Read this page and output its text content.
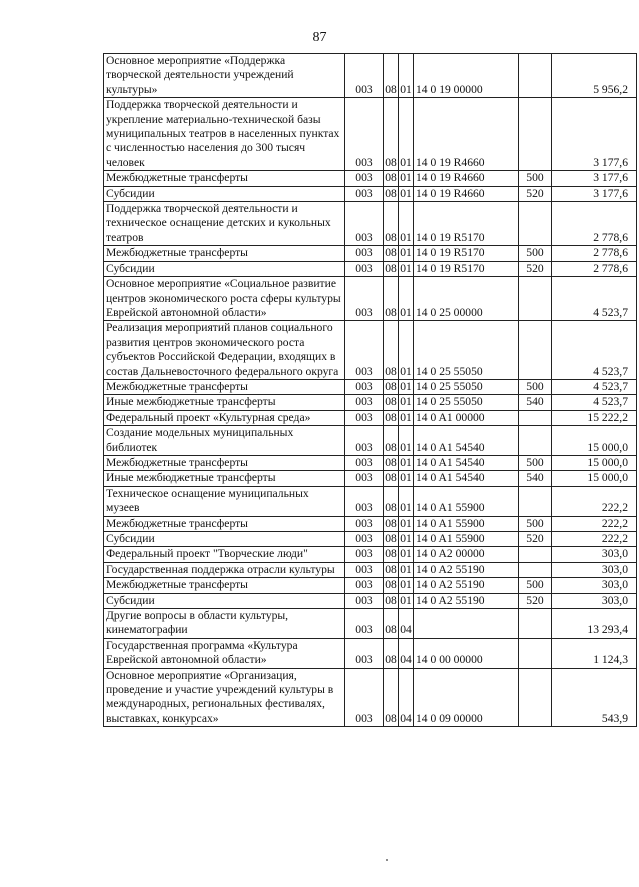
87
Основное мероприятие «Поддержка творческой деятельности учреждений культуры»	003	08	01	14 0 19 00000		5 956,2
Поддержка творческой деятельности и укрепление материально-технической базы муниципальных театров в населенных пунктах с численностью населения до 300 тысяч человек	003	08	01	14 0 19 R4660		3 177,6
Межбюджетные трансферты	003	08	01	14 0 19 R4660	500	3 177,6
Субсидии	003	08	01	14 0 19 R4660	520	3 177,6
Поддержка творческой деятельности и техническое оснащение детских и кукольных театров	003	08	01	14 0 19 R5170		2 778,6
Межбюджетные трансферты	003	08	01	14 0 19 R5170	500	2 778,6
Субсидии	003	08	01	14 0 19 R5170	520	2 778,6
Основное мероприятие «Социальное развитие центров экономического роста сферы культуры Еврейской автономной области»	003	08	01	14 0 25 00000		4 523,7
Реализация мероприятий планов социального развития центров экономического роста субъектов Российской Федерации, входящих в состав Дальневосточного федерального округа	003	08	01	14 0 25 55050		4 523,7
Межбюджетные трансферты	003	08	01	14 0 25 55050	500	4 523,7
Иные межбюджетные трансферты	003	08	01	14 0 25 55050	540	4 523,7
Федеральный проект «Культурная среда»	003	08	01	14 0 A1 00000		15 222,2
Создание модельных муниципальных библиотек	003	08	01	14 0 A1 54540		15 000,0
Межбюджетные трансферты	003	08	01	14 0 A1 54540	500	15 000,0
Иные межбюджетные трансферты	003	08	01	14 0 A1 54540	540	15 000,0
Техническое оснащение муниципальных музеев	003	08	01	14 0 A1 55900		222,2
Межбюджетные трансферты	003	08	01	14 0 A1 55900	500	222,2
Субсидии	003	08	01	14 0 A1 55900	520	222,2
Федеральный проект "Творческие люди"	003	08	01	14 0 A2 00000		303,0
Государственная поддержка отрасли культуры	003	08	01	14 0 A2 55190		303,0
Межбюджетные трансферты	003	08	01	14 0 A2 55190	500	303,0
Субсидии	003	08	01	14 0 A2 55190	520	303,0
Другие вопросы в области культуры, кинематографии	003	08	04			13 293,4
Государственная программа «Культура Еврейской автономной области»	003	08	04	14 0 00 00000		1 124,3
Основное мероприятие «Организация, проведение и участие учреждений культуры в международных, региональных фестивалях, выставках, конкурсах»	003	08	04	14 0 09 00000		543,9
